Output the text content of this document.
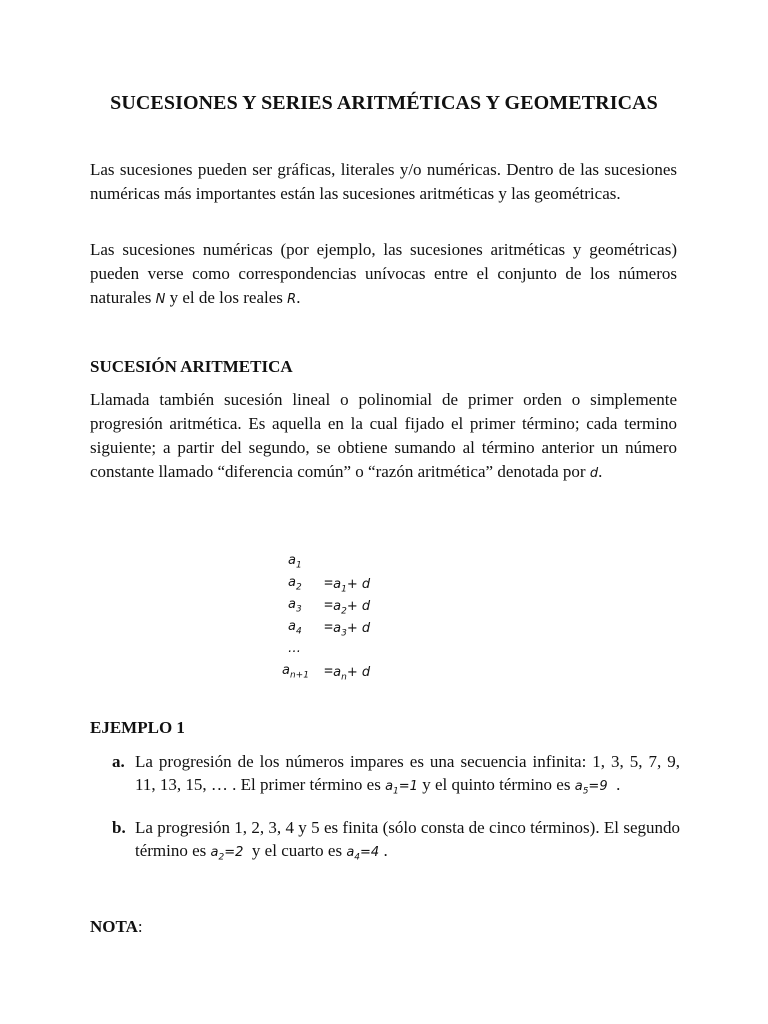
SUCESIONES Y SERIES ARITMÉTICAS Y GEOMETRICAS

Las sucesiones pueden ser gráficas, literales y/o numéricas. Dentro de las sucesiones numéricas más importantes están las sucesiones aritméticas y las geométricas.

Las sucesiones numéricas (por ejemplo, las sucesiones aritméticas y geométricas) pueden verse como correspondencias unívocas entre el conjunto de los números naturales N y el de los reales R.

SUCESIÓN ARITMETICA

Llamada también sucesión lineal o polinomial de primer orden o simplemente progresión aritmética. Es aquella en la cual fijado el primer término; cada termino siguiente; a partir del segundo, se obtiene sumando al término anterior un número constante llamado “diferencia común” o “razón aritmética” denotada por d.

$a_1$
$a_2 =a_1+ d$
$a_3 =a_2+ d$
$a_4 =a_3+ d$
…
$a_{n+1} =a_n+ d$
EJEMPLO 1
a. La progresión de los números impares es una secuencia infinita: 1, 3, 5, 7, 9, 11, 13, 15, … . El primer término es $a_1=1$ y el quinto término es $a_5=9$ .
b. La progresión 1, 2, 3, 4 y 5 es finita (sólo consta de cinco términos). El segundo término es $a_2=2$ y el cuarto es $a_4=4$ .
NOTA:
